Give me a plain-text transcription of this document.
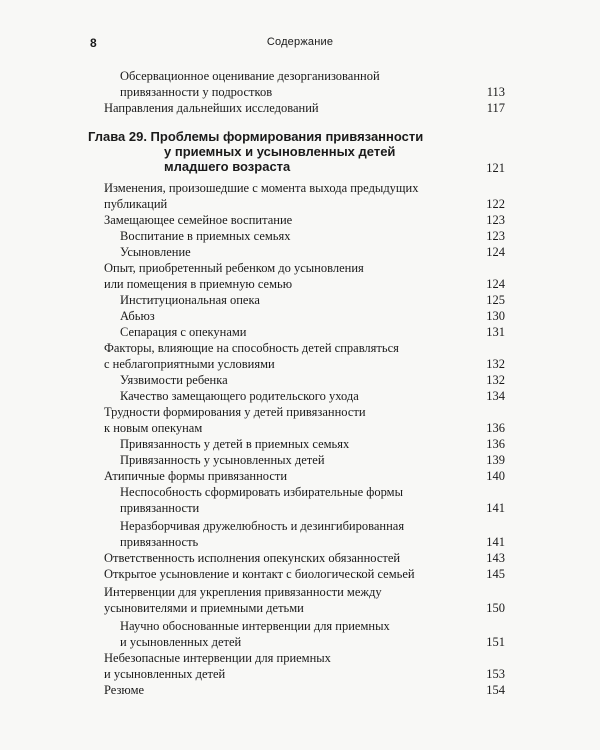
8	Содержание
Обсервационное оценивание дезорганизованной
привязанности у подростков	113
Направления дальнейших исследований	117
Глава 29. Проблемы формирования привязанности
у приемных и усыновленных детей
младшего возраста	121
Изменения, произошедшие с момента выхода предыдущих
публикаций	122
Замещающее семейное воспитание	123
Воспитание в приемных семьях	123
Усыновление	124
Опыт, приобретенный ребенком до усыновления
или помещения в приемную семью	124
Институциональная опека	125
Абьюз	130
Сепарация с опекунами	131
Факторы, влияющие на способность детей справляться
с неблагоприятными условиями	132
Уязвимости ребенка	132
Качество замещающего родительского ухода	134
Трудности формирования у детей привязанности
к новым опекунам	136
Привязанность у детей в приемных семьях	136
Привязанность у усыновленных детей	139
Атипичные формы привязанности	140
Неспособность сформировать избирательные формы
привязанности	141
Неразборчивая дружелюбность и дезингибированная
привязанность	141
Ответственность исполнения опекунских обязанностей	143
Открытое усыновление и контакт с биологической семьей	145
Интервенции для укрепления привязанности между
усыновителями и приемными детьми	150
Научно обоснованные интервенции для приемных
и усыновленных детей	151
Небезопасные интервенции для приемных
и усыновленных детей	153
Резюме	154
